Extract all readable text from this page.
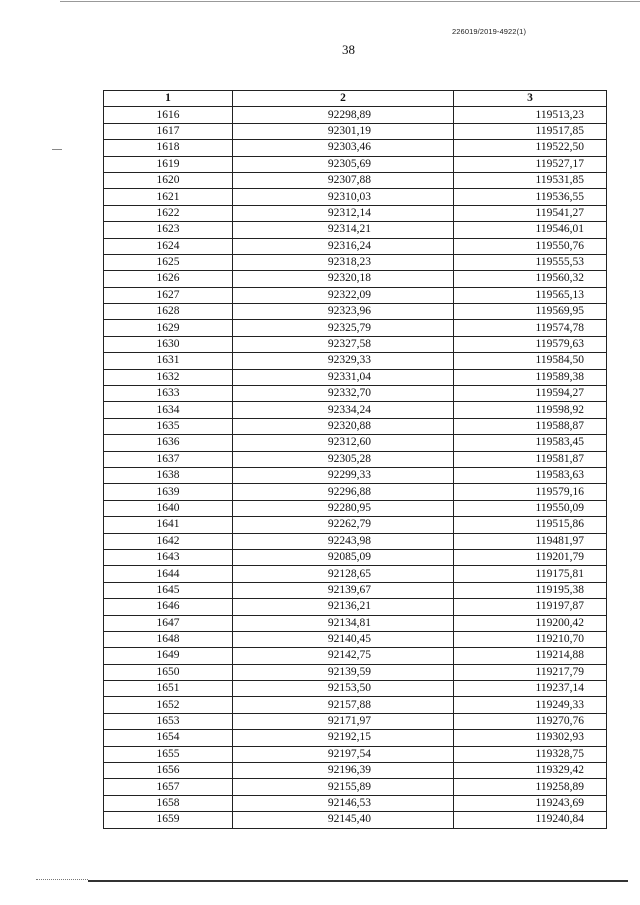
226019/2019-4922(1)
38
1	2	3
1616	92298,89	119513,23
1617	92301,19	119517,85
1618	92303,46	119522,50
1619	92305,69	119527,17
1620	92307,88	119531,85
1621	92310,03	119536,55
1622	92312,14	119541,27
1623	92314,21	119546,01
1624	92316,24	119550,76
1625	92318,23	119555,53
1626	92320,18	119560,32
1627	92322,09	119565,13
1628	92323,96	119569,95
1629	92325,79	119574,78
1630	92327,58	119579,63
1631	92329,33	119584,50
1632	92331,04	119589,38
1633	92332,70	119594,27
1634	92334,24	119598,92
1635	92320,88	119588,87
1636	92312,60	119583,45
1637	92305,28	119581,87
1638	92299,33	119583,63
1639	92296,88	119579,16
1640	92280,95	119550,09
1641	92262,79	119515,86
1642	92243,98	119481,97
1643	92085,09	119201,79
1644	92128,65	119175,81
1645	92139,67	119195,38
1646	92136,21	119197,87
1647	92134,81	119200,42
1648	92140,45	119210,70
1649	92142,75	119214,88
1650	92139,59	119217,79
1651	92153,50	119237,14
1652	92157,88	119249,33
1653	92171,97	119270,76
1654	92192,15	119302,93
1655	92197,54	119328,75
1656	92196,39	119329,42
1657	92155,89	119258,89
1658	92146,53	119243,69
1659	92145,40	119240,84
